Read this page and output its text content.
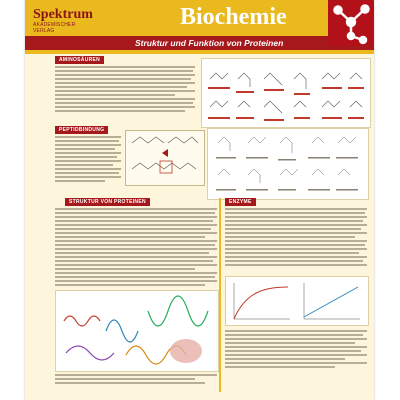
Spektrum
AKADEMISCHER VERLAG
Biochemie
Struktur und Funktion von Proteinen
AMINOSÄUREN
PEPTIDBINDUNG
STRUKTUR VON PROTEINEN	ENZYME
